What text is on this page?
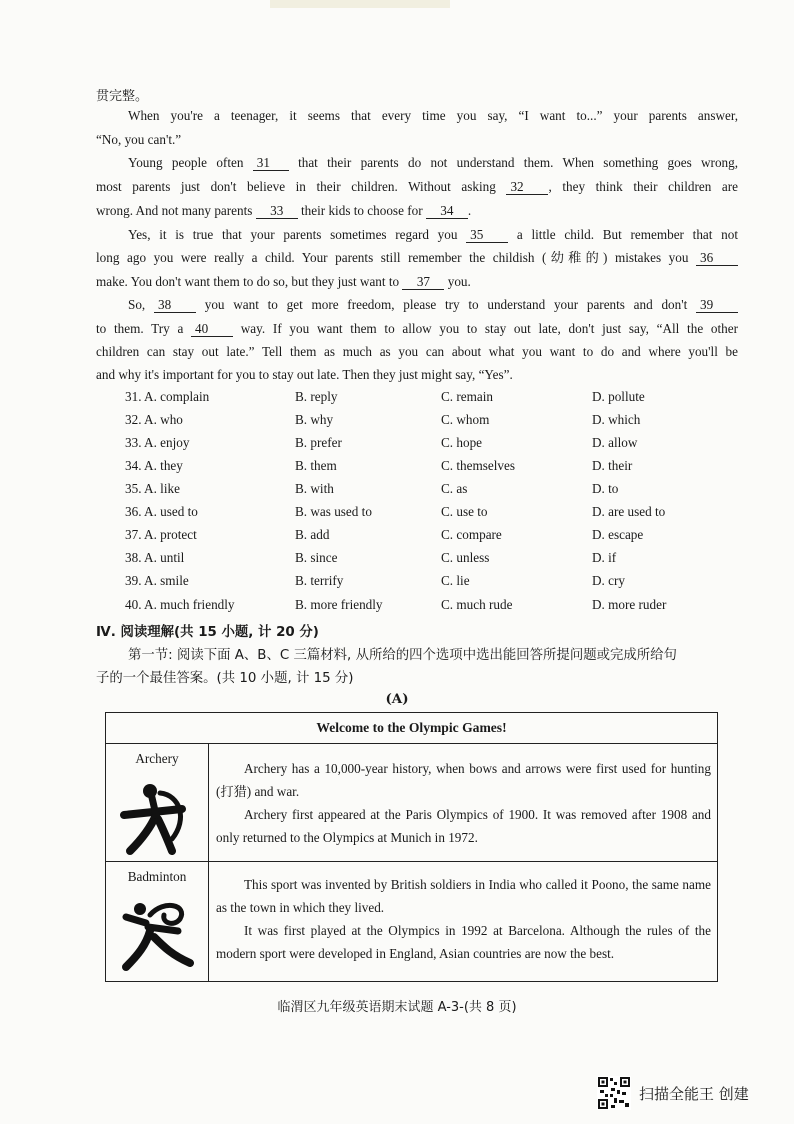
贯完整。
When you're a teenager, it seems that every time you say, “I want to...” your parents answer,
“No, you can't.”
Young people often 31 that their parents do not understand them. When something goes wrong,
most parents just don't believe in their children. Without asking 32 , they think their children are
wrong. And not many parents 33 their kids to choose for 34 .
Yes, it is true that your parents sometimes regard you 35	a little child. But remember that not
long ago you were really a child. Your parents still remember the childish (幼稚的) mistakes you 36
make. You don't want them to do so, but they just want to 37 you.
So, 38	you want to get more freedom, please try to understand your parents and don't 39
to them. Try a 40 way. If you want them to allow you to stay out late, don't just say, “All the other
children can stay out late.” Tell them as much as you can about what you want to do and where you'll be
and why it's important for you to stay out late. Then they just might say, “Yes”.
31. A. complain	B. reply	C. remain	D. pollute
32. A. who	B. why	C. whom	D. which
33. A. enjoy	B. prefer	C. hope	D. allow
34. A. they	B. them	C. themselves	D. their
35. A. like	B. with	C. as	D. to
36. A. used to	B. was used to	C. use to	D. are used to
37. A. protect	B. add	C. compare	D. escape
38. A. until	B. since	C. unless	D. if
39. A. smile	B. terrify	C. lie	D. cry
40. A. much friendly	B. more friendly	C. much rude	D. more ruder
Ⅳ. 阅读理解(共 15 小题, 计 20 分)
第一节: 阅读下面 A、B、C 三篇材料, 从所给的四个选项中选出能回答所提问题或完成所给句
子的一个最佳答案。(共 10 小题, 计 15 分)
(A)
Welcome to the Olympic Games!
Archery
Archery has a 10,000-year history, when bows and arrows were first used for hunting (打猎) and war.
Archery first appeared at the Paris Olympics of 1900. It was removed after 1908 and only returned to the Olympics at Munich in 1972.
Badminton
This sport was invented by British soldiers in India who called it Poono, the same name as the town in which they lived.
It was first played at the Olympics in 1992 at Barcelona. Although the rules of the modern sport were developed in England, Asian countries are now the best.
临渭区九年级英语期末试题 A-3-(共 8 页)
扫描全能王 创建
